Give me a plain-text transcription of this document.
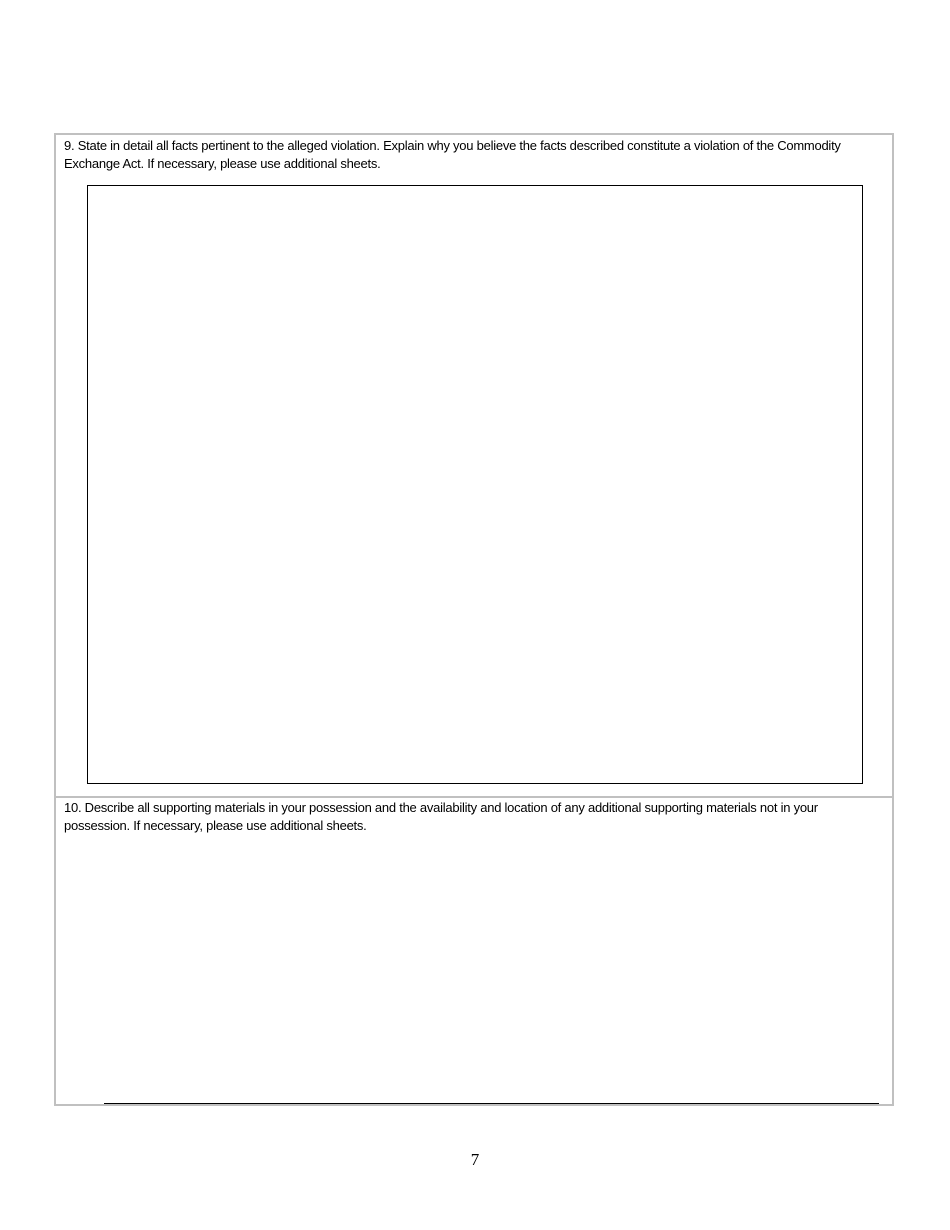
9. State in detail all facts pertinent to the alleged violation. Explain why you believe the facts described constitute a violation of the Commodity Exchange Act. If necessary, please use additional sheets.
10. Describe all supporting materials in your possession and the availability and location of any additional supporting materials not in your possession. If necessary, please use additional sheets.
7
